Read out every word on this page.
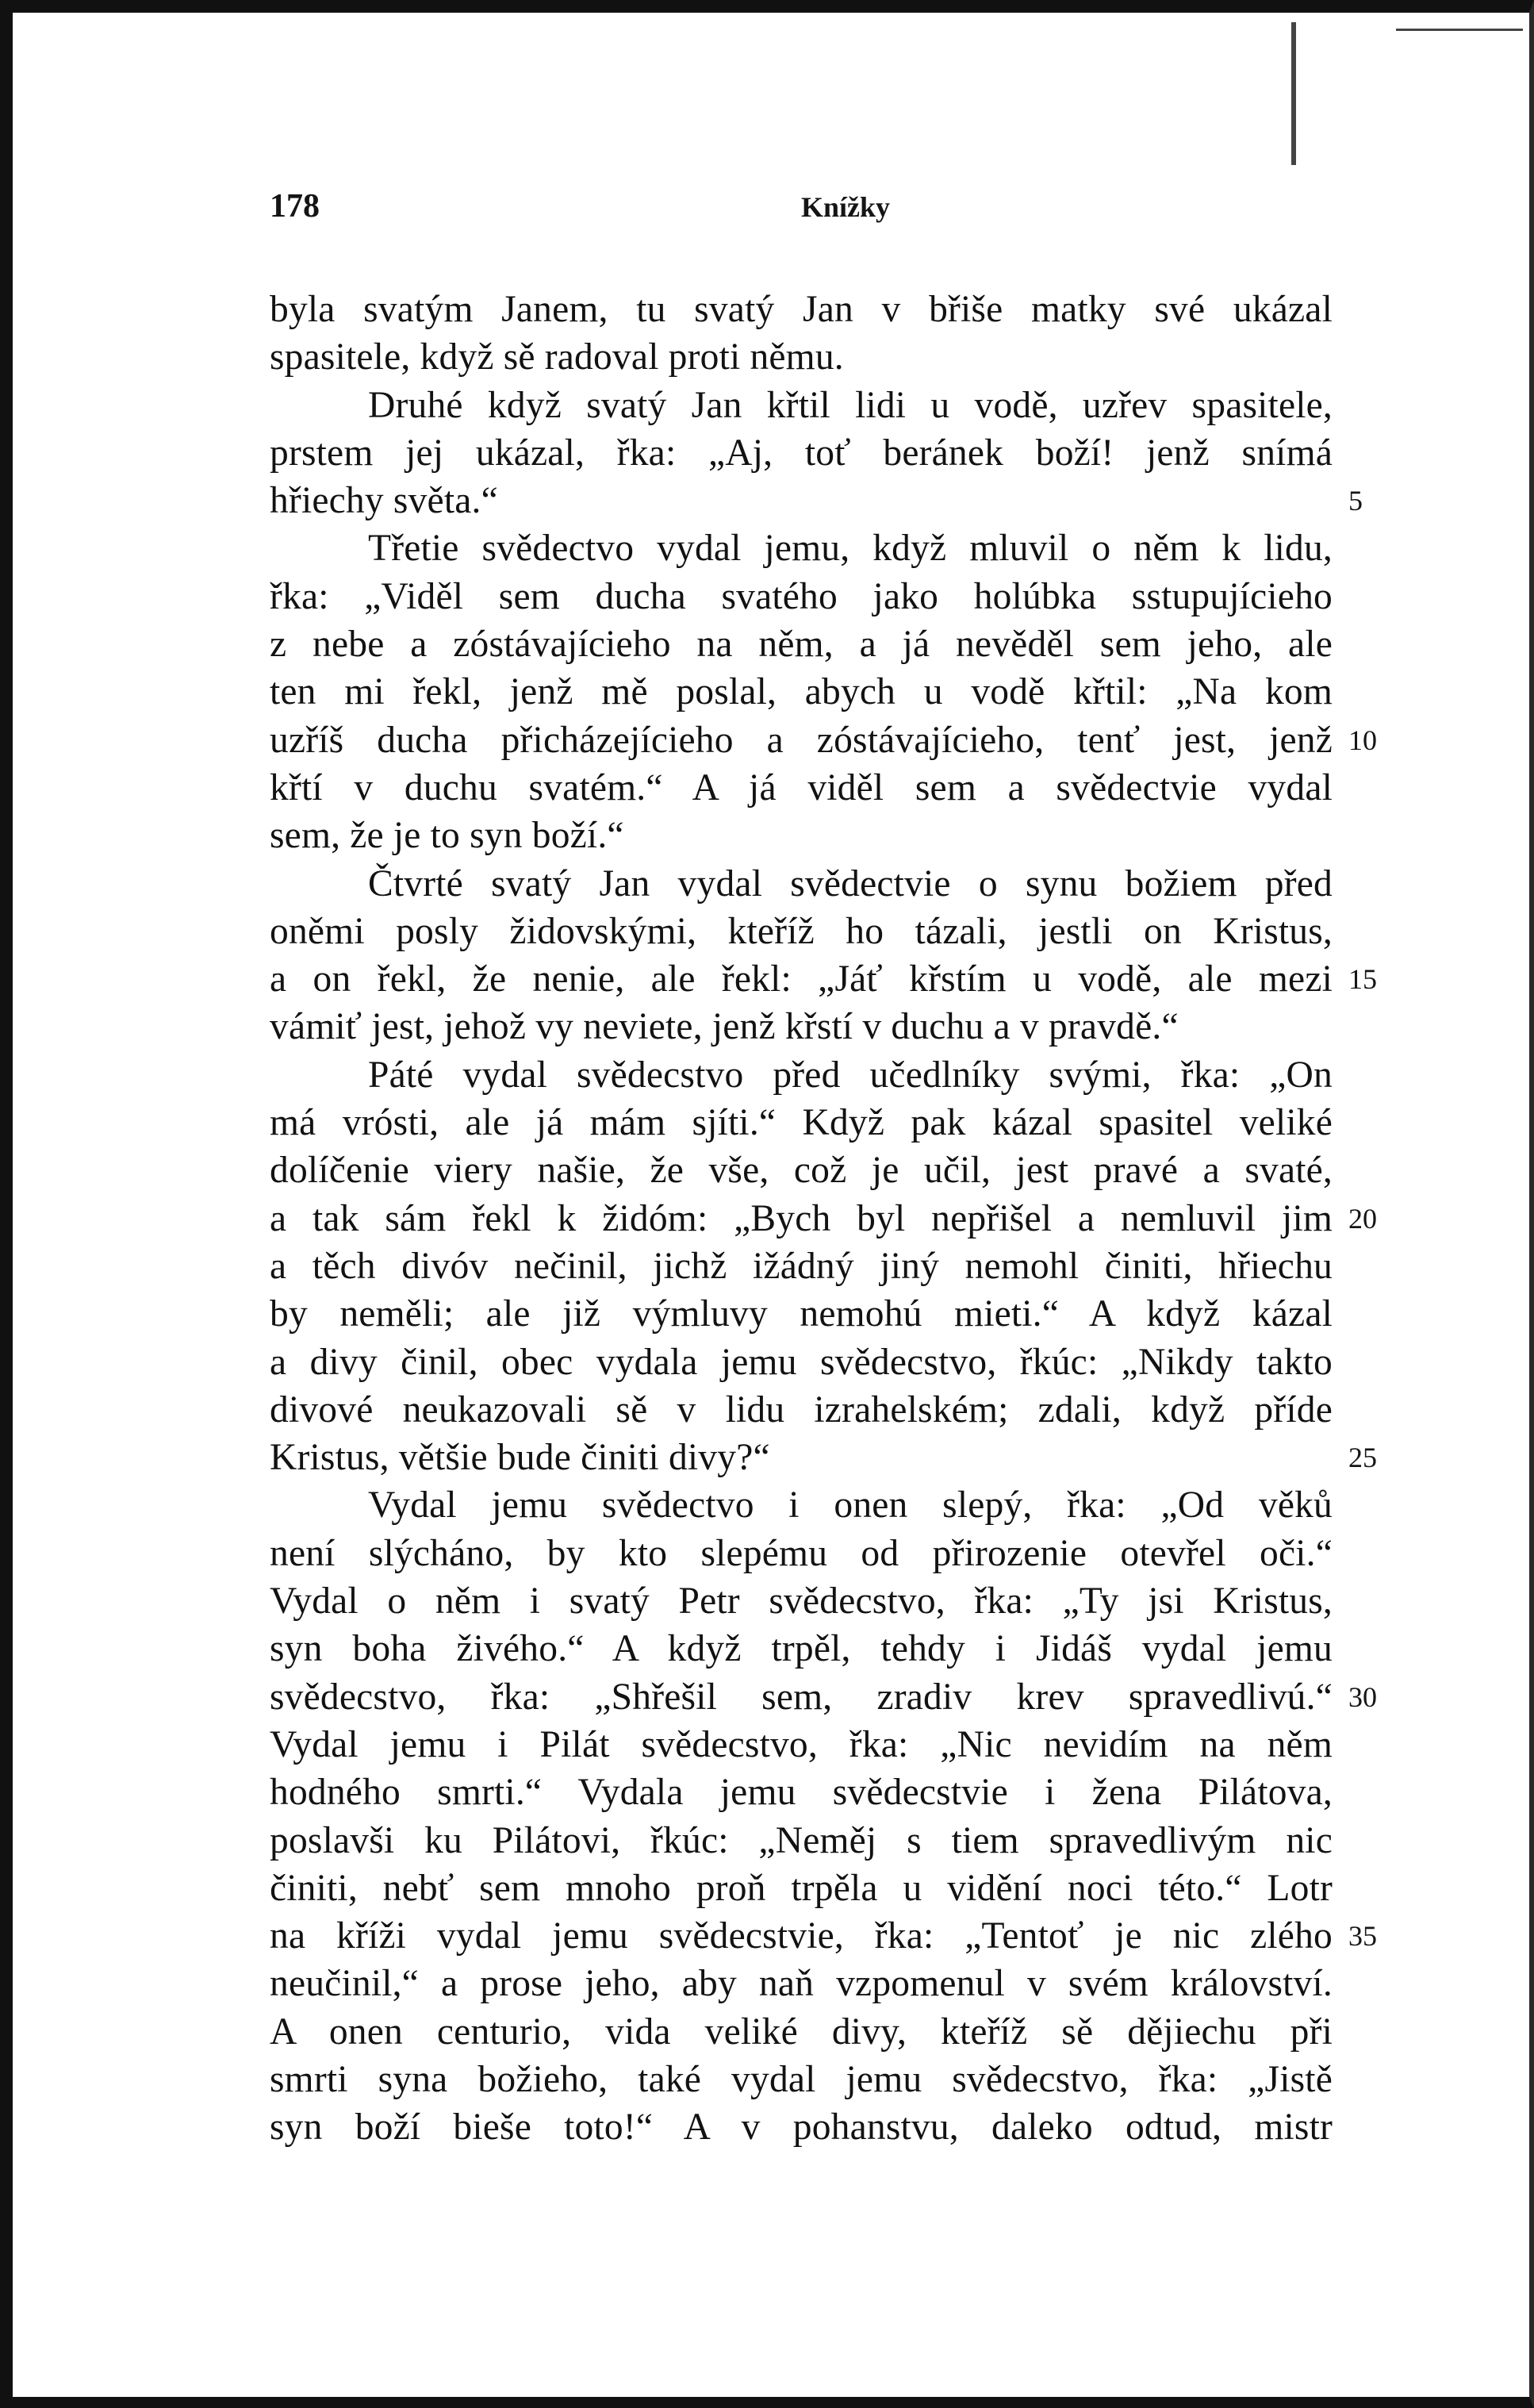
178	Knížky
byla svatým Janem, tu svatý Jan v břiše matky své ukázal
spasitele, když sě radoval proti němu.
Druhé když svatý Jan křtil lidi u vodě, uzřev spasitele,
prstem jej ukázal, řka: „Aj, toť beránek boží! jenž snímá
hřiechy světa.“
Třetie svědectvo vydal jemu, když mluvil o něm k lidu,
řka: „Viděl sem ducha svatého jako holúbka sstupujícieho
z nebe a zóstávajícieho na něm, a já nevěděl sem jeho, ale
ten mi řekl, jenž mě poslal, abych u vodě křtil: „Na kom
uzříš ducha přicházejícieho a zóstávajícieho, tenť jest, jenž
křtí v duchu svatém.“ A já viděl sem a svědectvie vydal
sem, že je to syn boží.“
Čtvrté svatý Jan vydal svědectvie o synu božiem před
oněmi posly židovskými, kteříž ho tázali, jestli on Kristus,
a on řekl, že nenie, ale řekl: „Jáť křstím u vodě, ale mezi
vámiť jest, jehož vy neviete, jenž křstí v duchu a v pravdě.“
Páté vydal svědecstvo před učedlníky svými, řka: „On
má vrósti, ale já mám sjíti.“ Když pak kázal spasitel veliké
dolíčenie viery našie, že vše, což je učil, jest pravé a svaté,
a tak sám řekl k židóm: „Bych byl nepřišel a nemluvil jim
a těch divóv nečinil, jichž ižádný jiný nemohl činiti, hřiechu
by neměli; ale již výmluvy nemohú mieti.“ A když kázal
a divy činil, obec vydala jemu svědecstvo, řkúc: „Nikdy takto
divové neukazovali sě v lidu izrahelském; zdali, když příde
Kristus, většie bude činiti divy?“
Vydal jemu svědectvo i onen slepý, řka: „Od věků
není slýcháno, by kto slepému od přirozenie otevřel oči.“
Vydal o něm i svatý Petr svědecstvo, řka: „Ty jsi Kristus,
syn boha živého.“ A když trpěl, tehdy i Jidáš vydal jemu
svědecstvo, řka: „Shřešil sem, zradiv krev spravedlivú.“
Vydal jemu i Pilát svědecstvo, řka: „Nic nevidím na něm
hodného smrti.“ Vydala jemu svědecstvie i žena Pilátova,
poslavši ku Pilátovi, řkúc: „Neměj s tiem spravedlivým nic
činiti, nebť sem mnoho proň trpěla u vidění noci této.“ Lotr
na kříži vydal jemu svědecstvie, řka: „Tentoť je nic zlého
neučinil,“ a prose jeho, aby naň vzpomenul v svém království.
A onen centurio, vida veliké divy, kteříž sě dějiechu při
smrti syna božieho, také vydal jemu svědecstvo, řka: „Jistě
syn boží bieše toto!“ A v pohanstvu, daleko odtud, mistr
5
10
15
20
25
30
35
